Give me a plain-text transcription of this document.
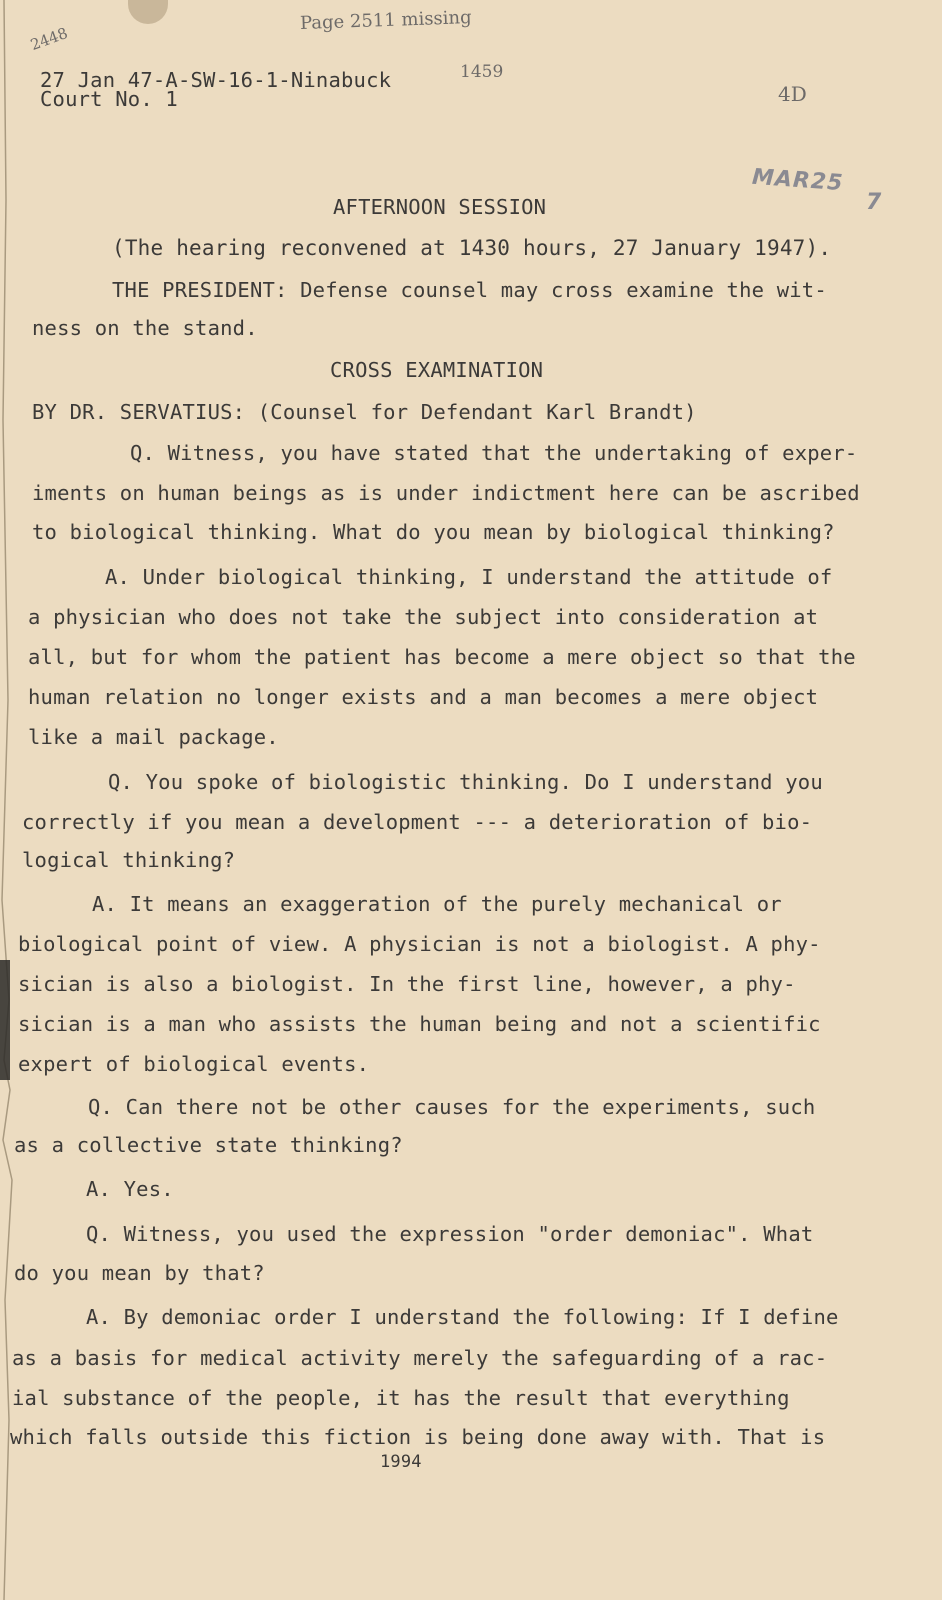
Page 2511 missing
2448
1459
4D
MAR25
7
27 Jan 47-A-SW-16-1-Ninabuck
Court No. 1
AFTERNOON SESSION
(The hearing reconvened at 1430 hours, 27 January 1947).
THE PRESIDENT: Defense counsel may cross examine the wit-
ness on the stand.
CROSS EXAMINATION
BY DR. SERVATIUS: (Counsel for Defendant Karl Brandt)
Q. Witness, you have stated that the undertaking of exper-
iments on human beings as is under indictment here can be ascribed
to biological thinking. What do you mean by biological thinking?
A. Under biological thinking, I understand the attitude of
a physician who does not take the subject into consideration at
all, but for whom the patient has become a mere object so that the
human relation no longer exists and a man becomes a mere object
like a mail package.
Q. You spoke of biologistic thinking. Do I understand you
correctly if you mean a development --- a deterioration of bio-
logical thinking?
A. It means an exaggeration of the purely mechanical or
biological point of view. A physician is not a biologist. A phy-
sician is also a biologist. In the first line, however, a phy-
sician is a man who assists the human being and not a scientific
expert of biological events.
Q. Can there not be other causes for the experiments, such
as a collective state thinking?
A. Yes.
Q. Witness, you used the expression "order demoniac". What
do you mean by that?
A. By demoniac order I understand the following: If I define
as a basis for medical activity merely the safeguarding of a rac-
ial substance of the people, it has the result that everything
which falls outside this fiction is being done away with. That is
1994
